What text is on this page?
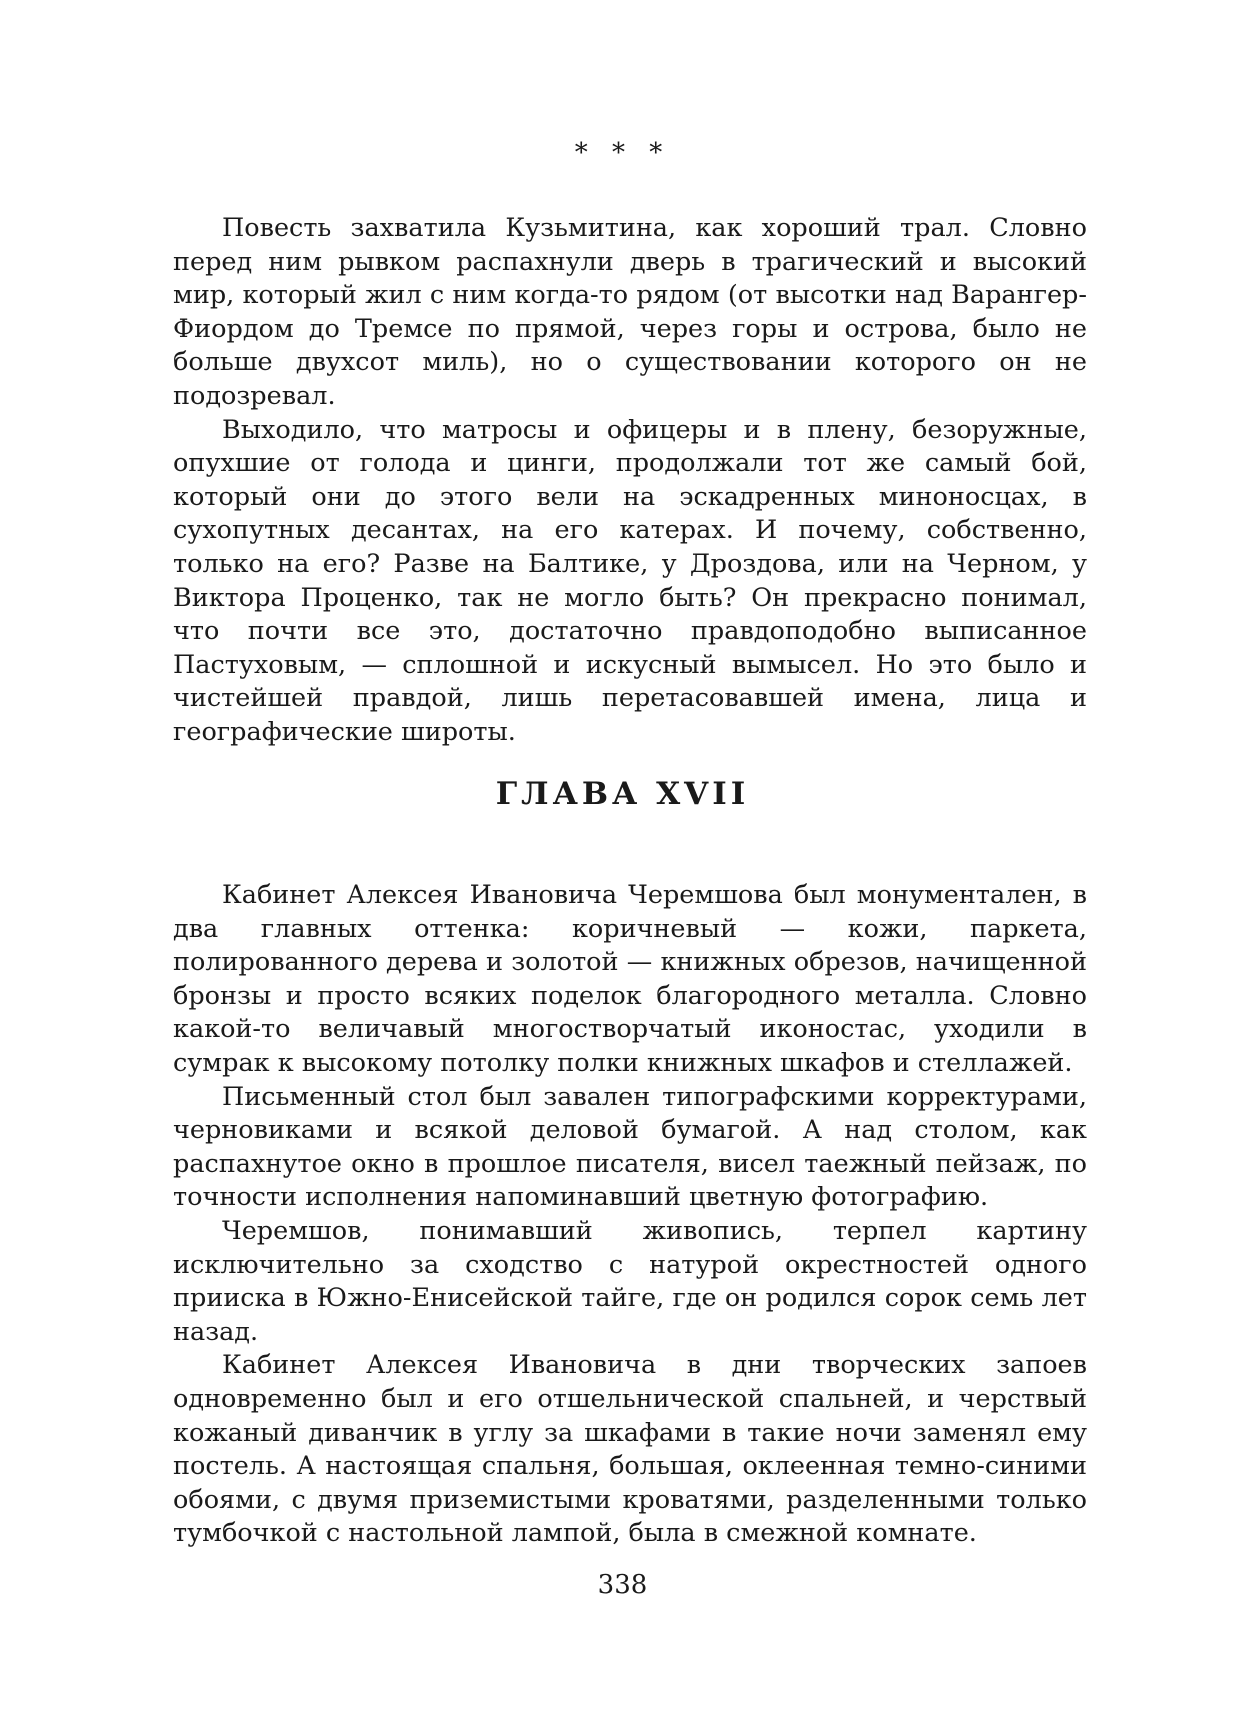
* * *

Повесть захватила Кузьмитина, как хороший трал. Словно перед ним рывком распахнули дверь в трагический и высокий мир, который жил с ним когда-то рядом (от высотки над Варангер-Фиордом до Тремсе по прямой, через горы и острова, было не больше двухсот миль), но о существовании которого он не подозревал.

Выходило, что матросы и офицеры и в плену, безоружные, опухшие от голода и цинги, продолжали тот же самый бой, который они до этого вели на эскадренных миноносцах, в сухопутных десантах, на его катерах. И почему, собственно, только на его? Разве на Балтике, у Дроздова, или на Черном, у Виктора Проценко, так не могло быть? Он прекрасно понимал, что почти все это, достаточно правдоподобно выписанное Пастуховым, — сплошной и искусный вымысел. Но это было и чистейшей правдой, лишь перетасовавшей имена, лица и географические широты.

ГЛАВА XVII

Кабинет Алексея Ивановича Черемшова был монументален, в два главных оттенка: коричневый — кожи, паркета, полированного дерева и золотой — книжных обрезов, начищенной бронзы и просто всяких поделок благородного металла. Словно какой-то величавый многостворчатый иконостас, уходили в сумрак к высокому потолку полки книжных шкафов и стеллажей.

Письменный стол был завален типографскими корректурами, черновиками и всякой деловой бумагой. А над столом, как распахнутое окно в прошлое писателя, висел таежный пейзаж, по точности исполнения напоминавший цветную фотографию.

Черемшов, понимавший живопись, терпел картину исключительно за сходство с натурой окрестностей одного прииска в Южно-Енисейской тайге, где он родился сорок семь лет назад.

Кабинет Алексея Ивановича в дни творческих запоев одновременно был и его отшельнической спальней, и черствый кожаный диванчик в углу за шкафами в такие ночи заменял ему постель. А настоящая спальня, большая, оклеенная темно-синими обоями, с двумя приземистыми кроватями, разделенными только тумбочкой с настольной лампой, была в смежной комнате.

338
